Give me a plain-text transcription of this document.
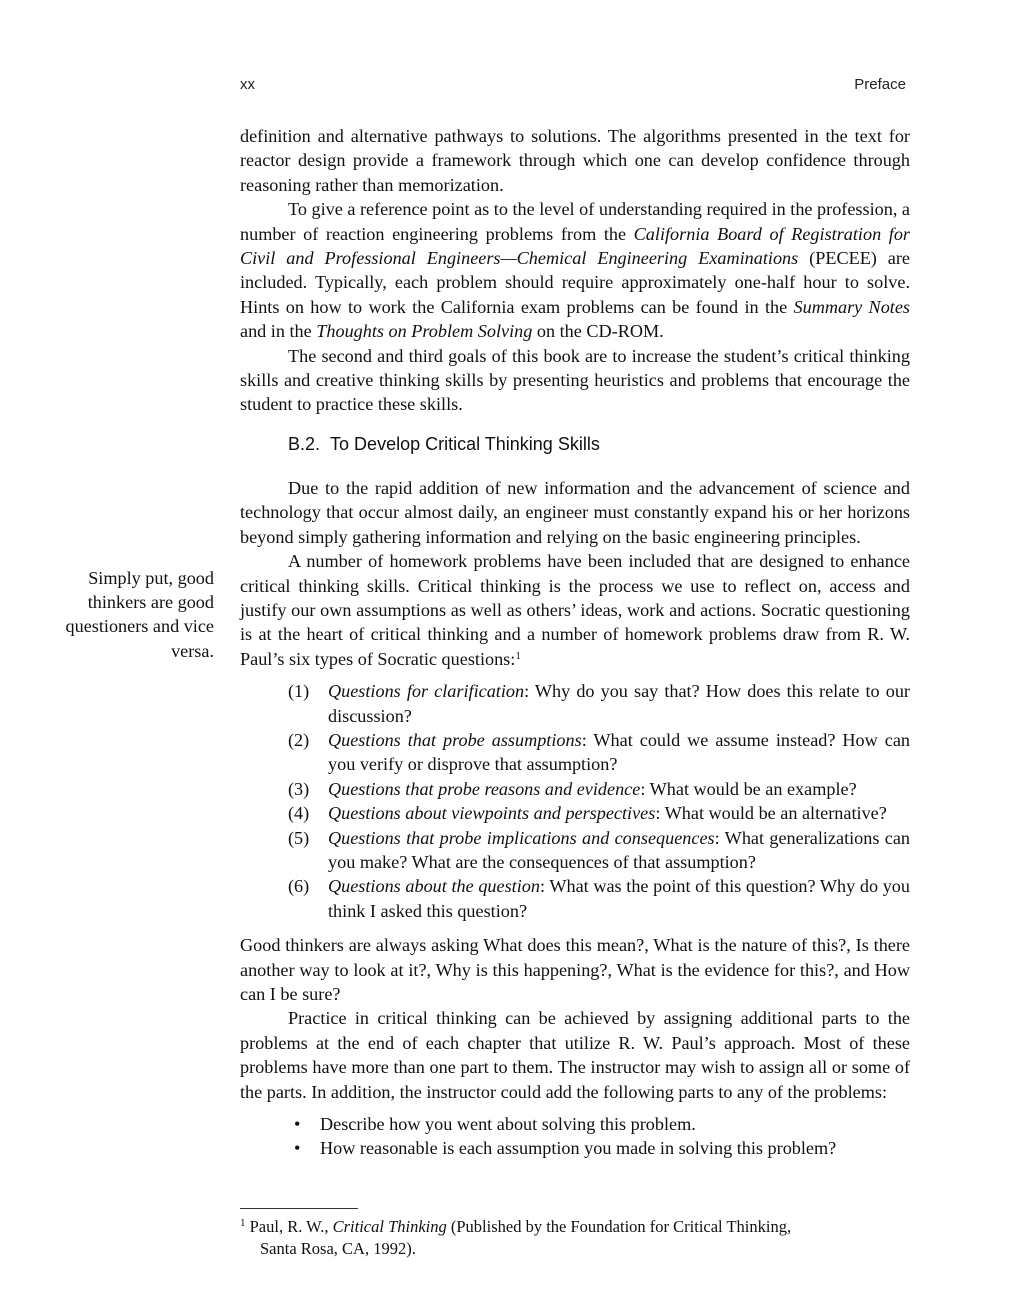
xx	Preface
Simply put, good thinkers are good questioners and vice versa.

definition and alternative pathways to solutions. The algorithms presented in the text for reactor design provide a framework through which one can develop confidence through reasoning rather than memorization.

To give a reference point as to the level of understanding required in the profession, a number of reaction engineering problems from the California Board of Registration for Civil and Professional Engineers—Chemical Engineering Examinations (PECEE) are included. Typically, each problem should require approximately one-half hour to solve. Hints on how to work the California exam problems can be found in the Summary Notes and in the Thoughts on Problem Solving on the CD-ROM.

The second and third goals of this book are to increase the student’s critical thinking skills and creative thinking skills by presenting heuristics and problems that encourage the student to practice these skills.

B.2. To Develop Critical Thinking Skills

Due to the rapid addition of new information and the advancement of science and technology that occur almost daily, an engineer must constantly expand his or her horizons beyond simply gathering information and relying on the basic engineering principles.

A number of homework problems have been included that are designed to enhance critical thinking skills. Critical thinking is the process we use to reflect on, access and justify our own assumptions as well as others’ ideas, work and actions. Socratic questioning is at the heart of critical thinking and a number of homework problems draw from R. W. Paul’s six types of Socratic questions:$^1$

(1) Questions for clarification: Why do you say that? How does this relate to our discussion?
(2) Questions that probe assumptions: What could we assume instead? How can you verify or disprove that assumption?
(3) Questions that probe reasons and evidence: What would be an example?
(4) Questions about viewpoints and perspectives: What would be an alternative?
(5) Questions that probe implications and consequences: What generalizations can you make? What are the consequences of that assumption?
(6) Questions about the question: What was the point of this question? Why do you think I asked this question?

Good thinkers are always asking What does this mean?, What is the nature of this?, Is there another way to look at it?, Why is this happening?, What is the evidence for this?, and How can I be sure?

Practice in critical thinking can be achieved by assigning additional parts to the problems at the end of each chapter that utilize R. W. Paul’s approach. Most of these problems have more than one part to them. The instructor may wish to assign all or some of the parts. In addition, the instructor could add the following parts to any of the problems:

• Describe how you went about solving this problem.
• How reasonable is each assumption you made in solving this problem?
$^1$ Paul, R. W., Critical Thinking (Published by the Foundation for Critical Thinking,
Santa Rosa, CA, 1992).
